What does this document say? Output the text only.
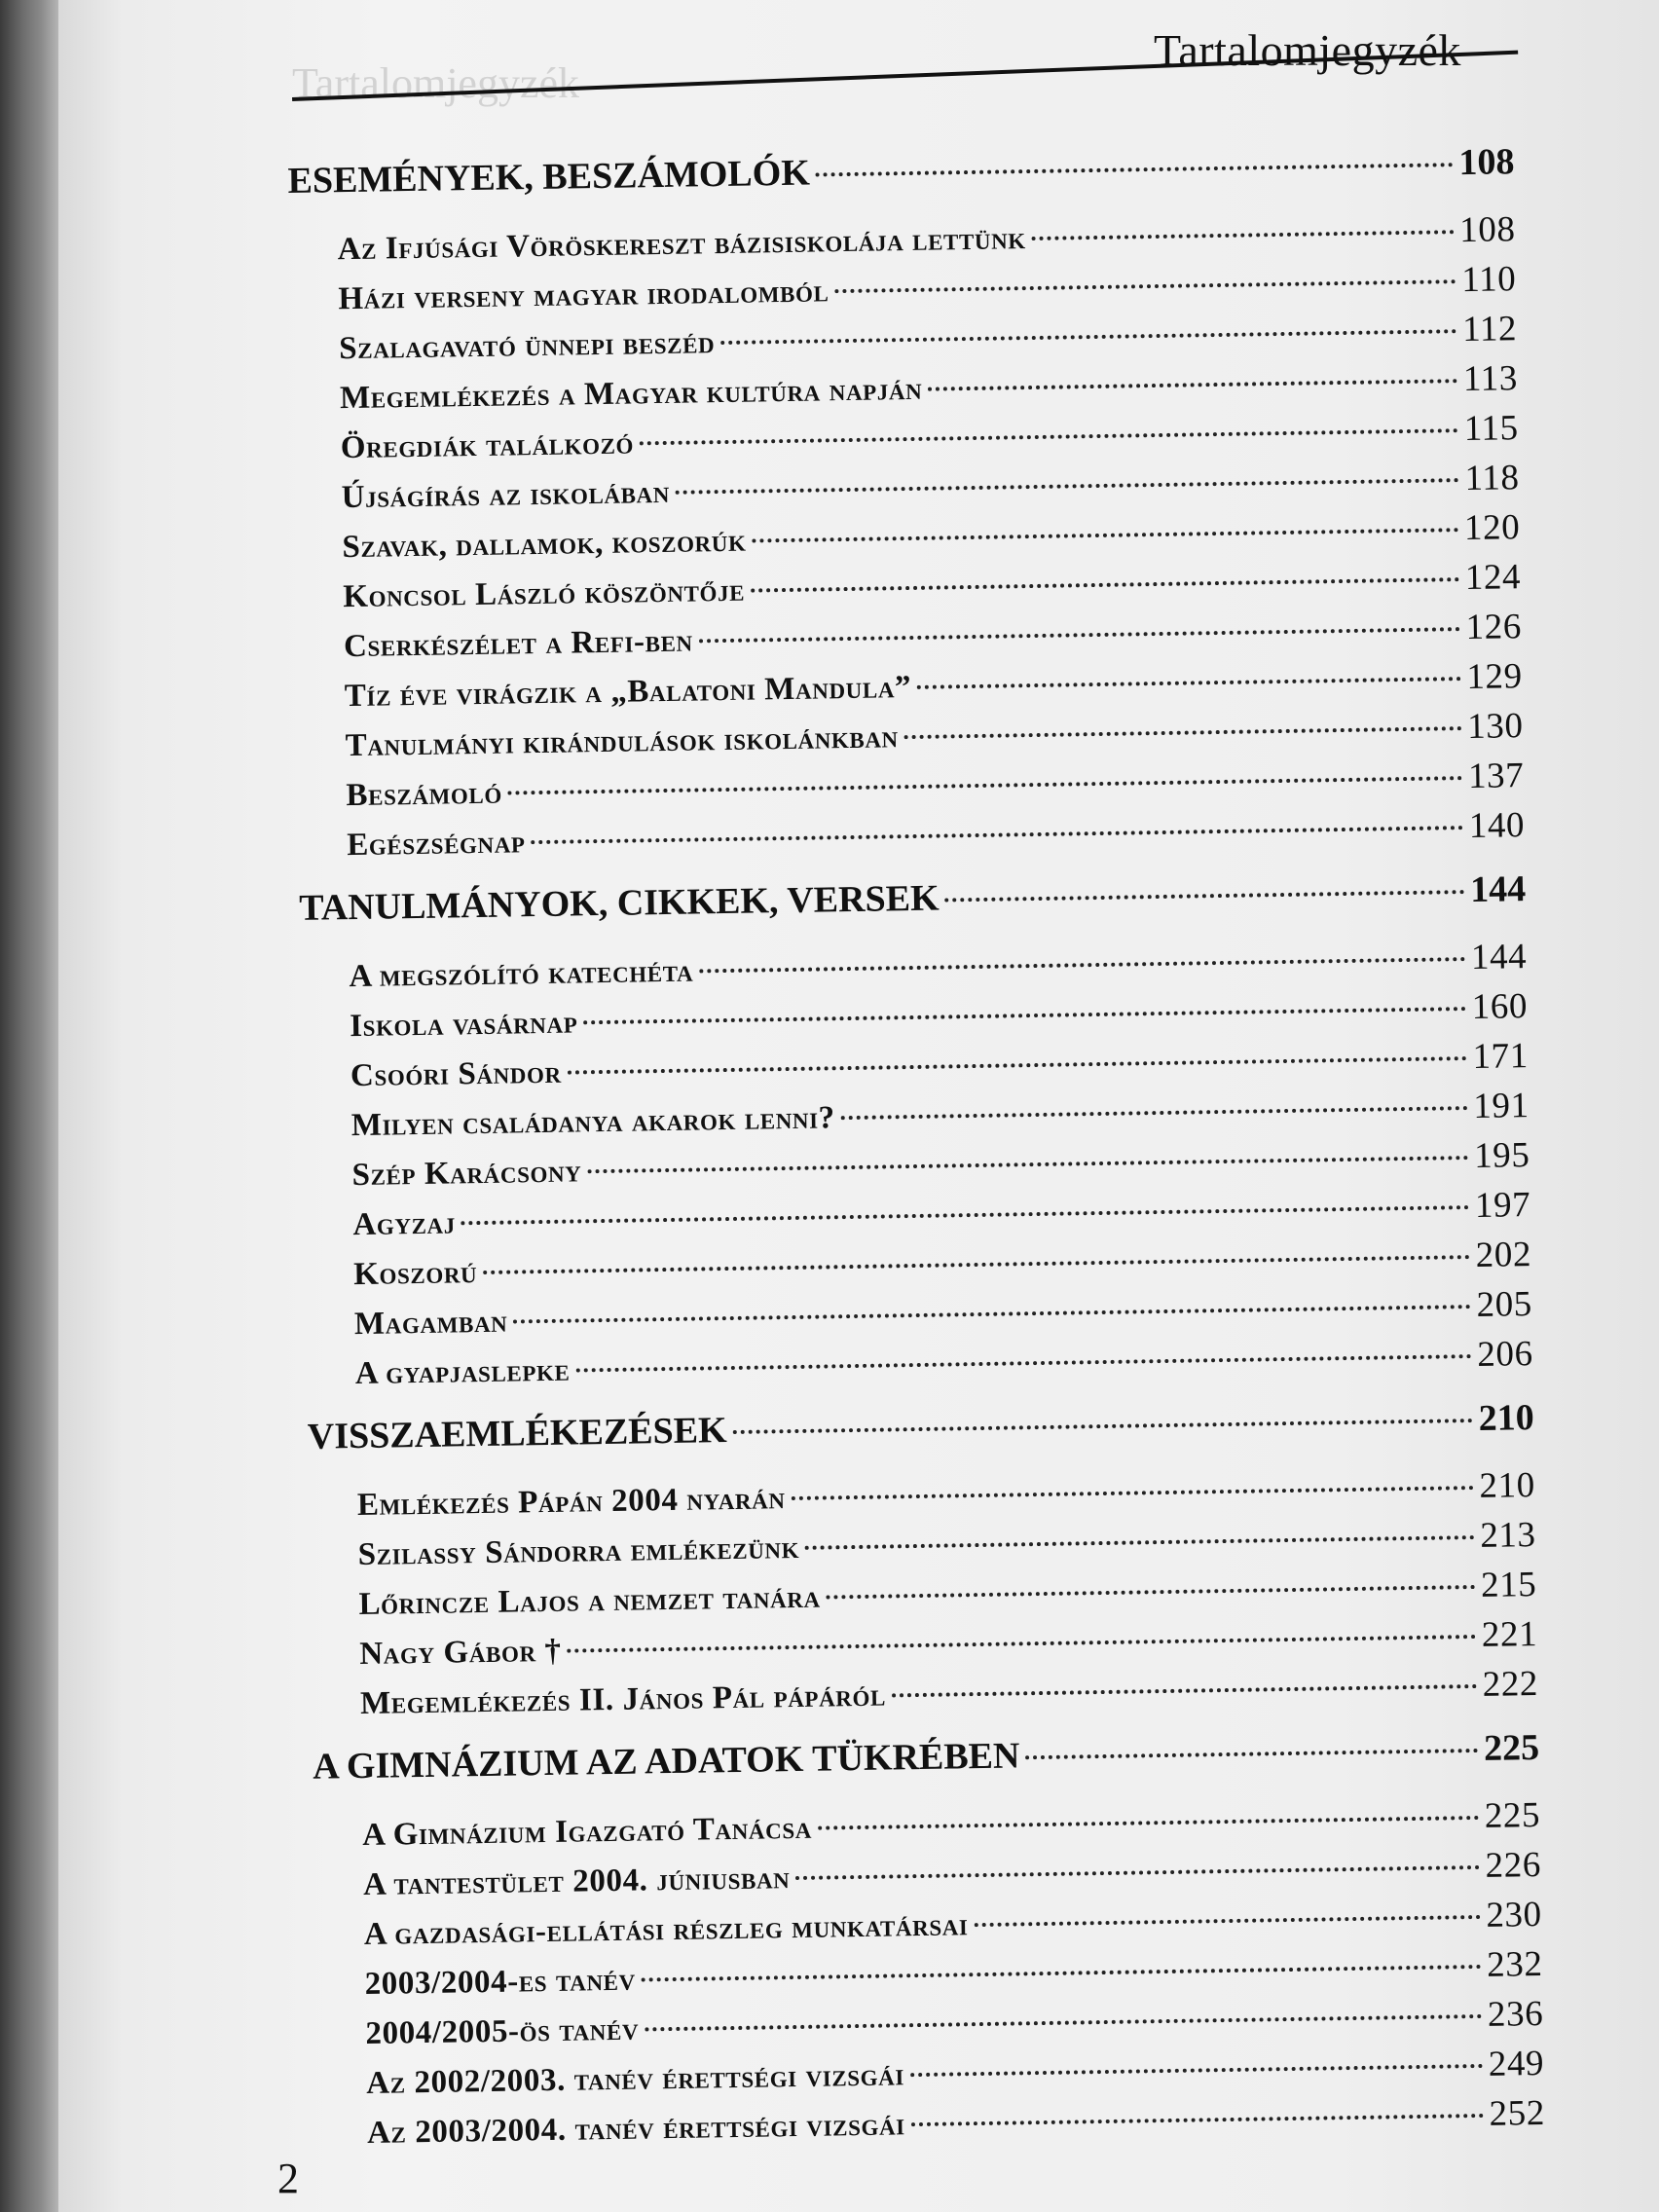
Tartalomjegyzék
Tartalomjegyzék
ESEMÉNYEK, BESZÁMOLÓK	108
Az Ifjúsági Vöröskereszt bázisiskolája lettünk	108
Házi verseny magyar irodalomból	110
Szalagavató ünnepi beszéd	112
Megemlékezés a Magyar kultúra napján	113
Öregdiák találkozó	115
Újságírás az iskolában	118
Szavak, dallamok, koszorúk	120
Koncsol László köszöntője	124
Cserkészélet a Refi-ben	126
Tíz éve virágzik a „Balatoni Mandula”	129
Tanulmányi kirándulások iskolánkban	130
Beszámoló	137
Egészségnap	140
TANULMÁNYOK, CIKKEK, VERSEK	144
A megszólító katechéta	144
Iskola vasárnap	160
Csoóri Sándor	171
Milyen családanya akarok lenni?	191
Szép Karácsony	195
Agyzaj	197
Koszorú	202
Magamban	205
A gyapjaslepke	206
VISSZAEMLÉKEZÉSEK	210
Emlékezés Pápán 2004 nyarán	210
Szilassy Sándorra emlékezünk	213
Lőrincze Lajos a nemzet tanára	215
Nagy Gábor †	221
Megemlékezés II. János Pál pápáról	222
A GIMNÁZIUM AZ ADATOK TÜKRÉBEN	225
A Gimnázium Igazgató Tanácsa	225
A tantestület 2004. júniusban	226
A gazdasági-ellátási részleg munkatársai	230
2003/2004-es tanév	232
2004/2005-ös tanév	236
Az 2002/2003. tanév érettségi vizsgái	249
Az 2003/2004. tanév érettségi vizsgái	252
2
